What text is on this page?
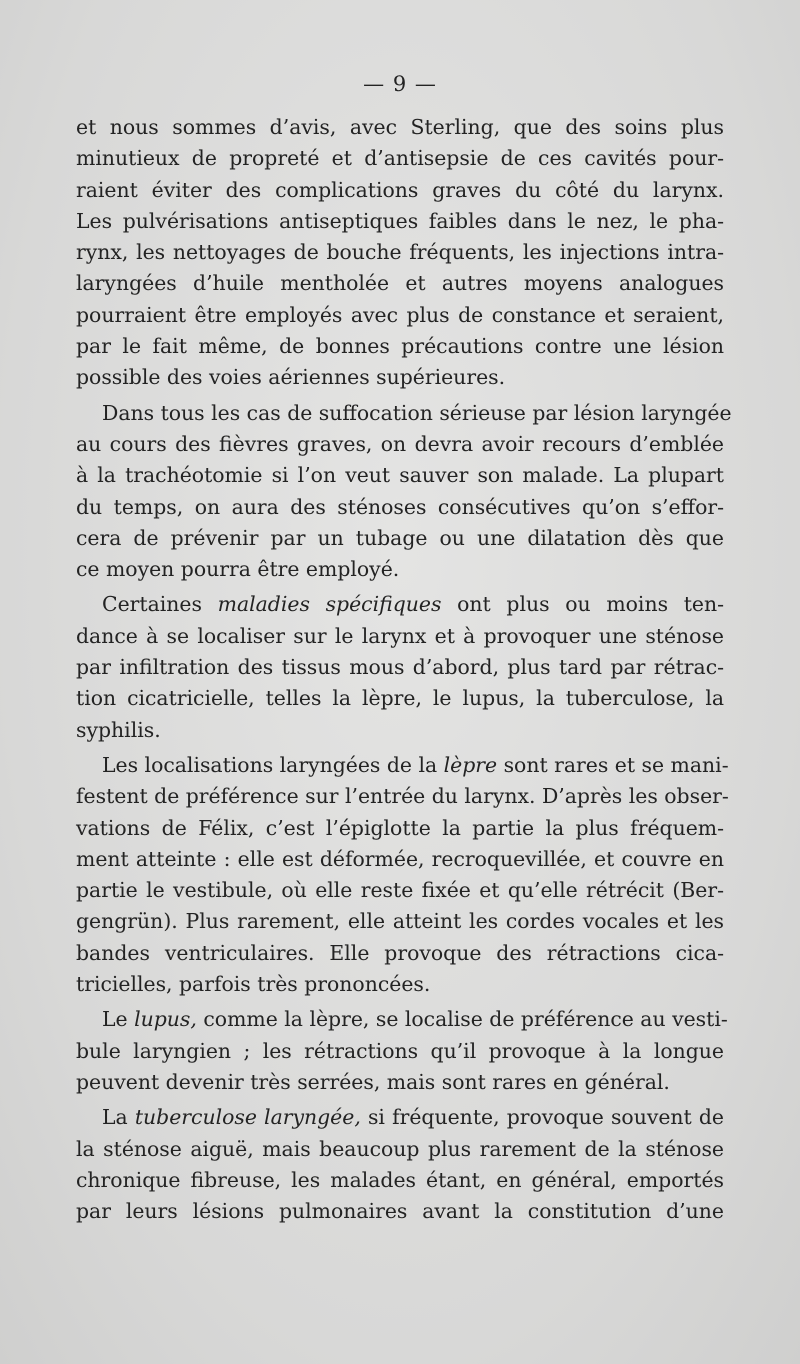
— 9 —
et nous sommes d’avis, avec Sterling, que des soins plus
minutieux de propreté et d’antisepsie de ces cavités pour-
raient éviter des complications graves du côté du larynx.
Les pulvérisations antiseptiques faibles dans le nez, le pha-
rynx, les nettoyages de bouche fréquents, les injections intra-
laryngées d’huile mentholée et autres moyens analogues
pourraient être employés avec plus de constance et seraient,
par le fait même, de bonnes précautions contre une lésion
possible des voies aériennes supérieures.
Dans tous les cas de suffocation sérieuse par lésion laryngée
au cours des fièvres graves, on devra avoir recours d’emblée
à la trachéotomie si l’on veut sauver son malade. La plupart
du temps, on aura des sténoses consécutives qu’on s’effor-
cera de prévenir par un tubage ou une dilatation dès que
ce moyen pourra être employé.
Certaines maladies spécifiques ont plus ou moins ten-
dance à se localiser sur le larynx et à provoquer une sténose
par infiltration des tissus mous d’abord, plus tard par rétrac-
tion cicatricielle, telles la lèpre, le lupus, la tuberculose, la
syphilis.
Les localisations laryngées de la lèpre sont rares et se mani-
festent de préférence sur l’entrée du larynx. D’après les obser-
vations de Félix, c’est l’épiglotte la partie la plus fréquem-
ment atteinte : elle est déformée, recroquevillée, et couvre en
partie le vestibule, où elle reste fixée et qu’elle rétrécit (Ber-
gengrün). Plus rarement, elle atteint les cordes vocales et les
bandes ventriculaires. Elle provoque des rétractions cica-
tricielles, parfois très prononcées.
Le lupus, comme la lèpre, se localise de préférence au vesti-
bule laryngien ; les rétractions qu’il provoque à la longue
peuvent devenir très serrées, mais sont rares en général.
La tuberculose laryngée, si fréquente, provoque souvent de
la sténose aiguë, mais beaucoup plus rarement de la sténose
chronique fibreuse, les malades étant, en général, emportés
par leurs lésions pulmonaires avant la constitution d’une
